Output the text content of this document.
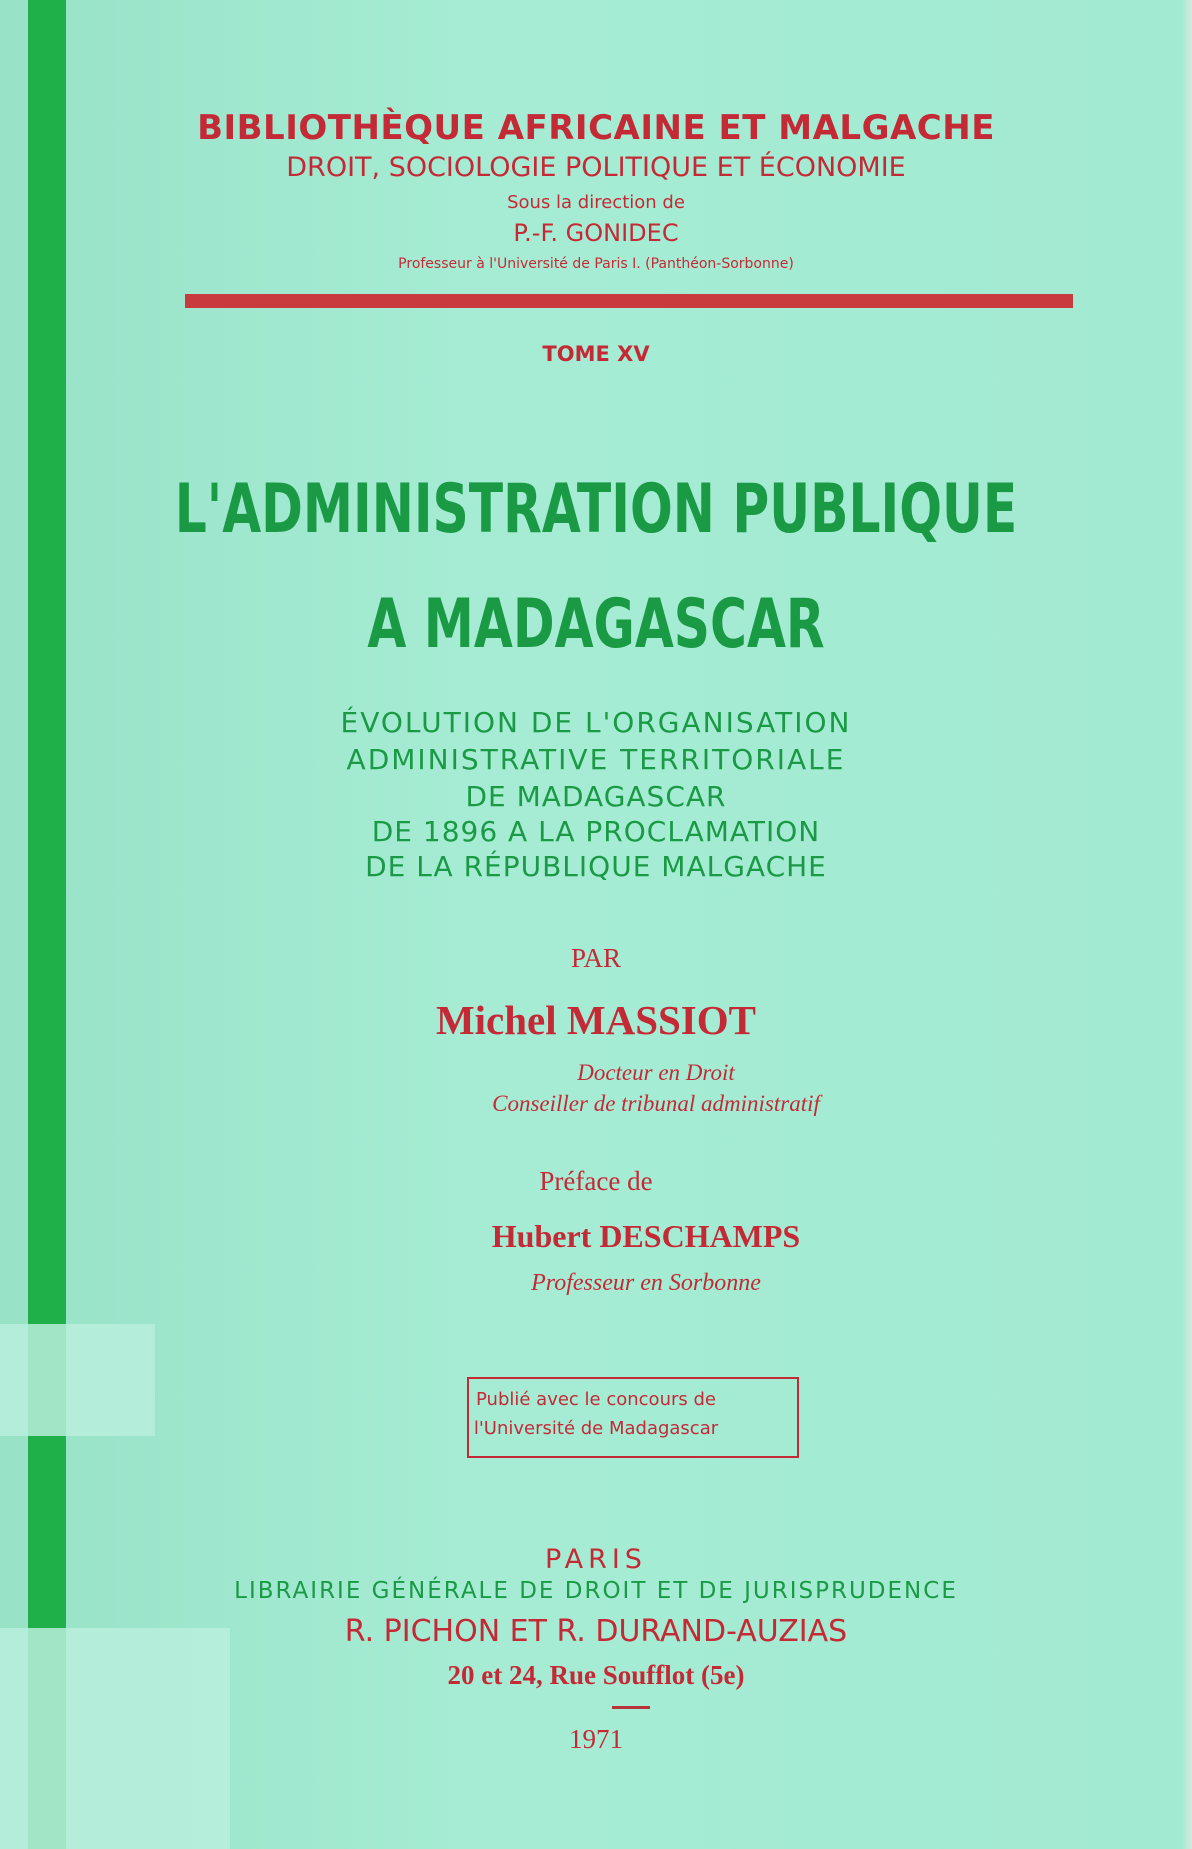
BIBLIOTHÈQUE AFRICAINE ET MALGACHE
DROIT, SOCIOLOGIE POLITIQUE ET ÉCONOMIE
Sous la direction de
P.-F. GONIDEC
Professeur à l'Université de Paris I. (Panthéon-Sorbonne)
TOME XV
L'ADMINISTRATION PUBLIQUE
A MADAGASCAR
ÉVOLUTION DE L'ORGANISATION
ADMINISTRATIVE TERRITORIALE
DE MADAGASCAR
DE 1896 A LA PROCLAMATION
DE LA RÉPUBLIQUE MALGACHE
PAR
Michel MASSIOT
Docteur en Droit
Conseiller de tribunal administratif
Préface de
Hubert DESCHAMPS
Professeur en Sorbonne
Publié avec le concours de
l'Université de Madagascar
PARIS
LIBRAIRIE GÉNÉRALE DE DROIT ET DE JURISPRUDENCE
R. PICHON ET R. DURAND-AUZIAS
20 et 24, Rue Soufflot (5e)
1971
